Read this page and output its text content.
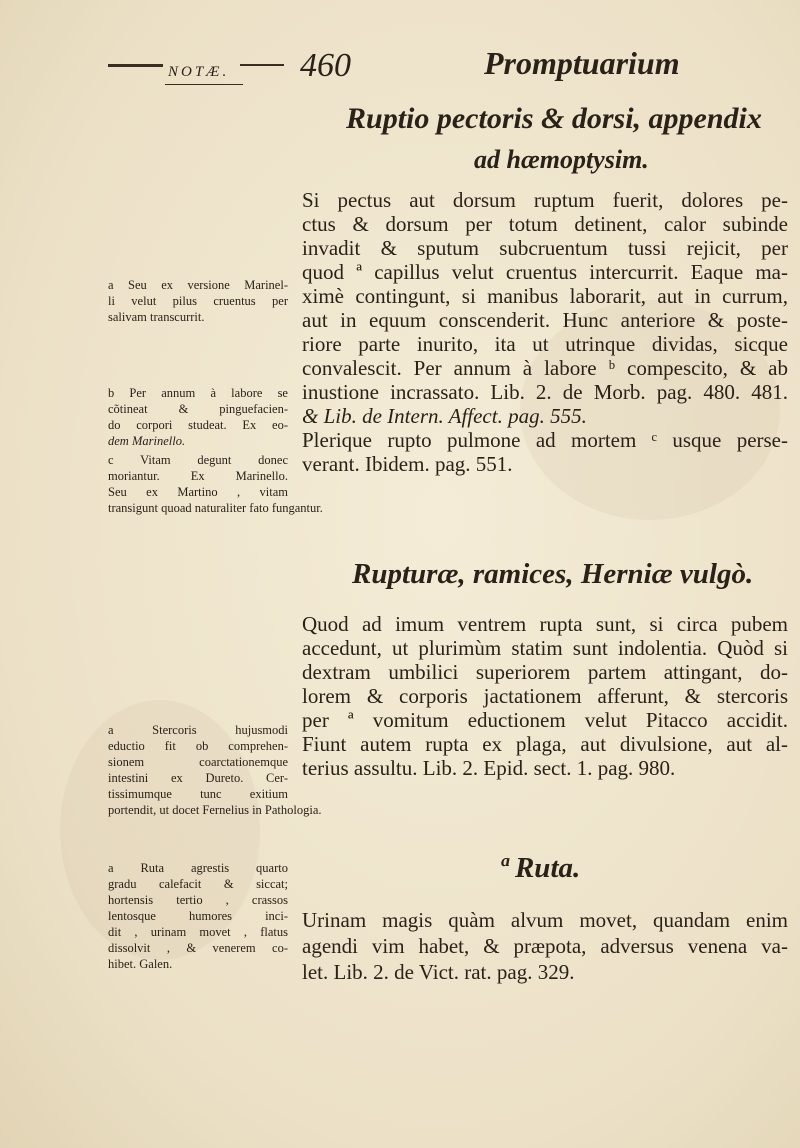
NOTÆ. 460	Promptuarium
Ruptio pectoris & dorsi, appendix
ad hæmoptysim.
Si pectus aut dorsum ruptum fuerit, dolores pe-
ctus & dorsum per totum detinent, calor subinde
invadit & sputum subcruentum tussi rejicit, per
quod ª capillus velut cruentus intercurrit. Eaque ma-
ximè contingunt, si manibus laborarit, aut in currum,
aut in equum conscenderit. Hunc anteriore & poste-
riore parte inurito, ita ut utrinque dividas, sicque
convalescit. Per annum à labore ᵇ compescito, & ab
inustione incrassato. Lib. 2. de Morb. pag. 480. 481.
& Lib. de Intern. Affect. pag. 555.
Plerique rupto pulmone ad mortem ᶜ usque perse-
verant. Ibidem. pag. 551.
a Seu ex versione Marinel-
li velut pilus cruentus per
salivam transcurrit.
b Per annum à labore se
cõtineat & pinguefacien-
do corpori studeat. Ex eo-
dem Marinello.
c Vitam degunt donec
moriantur. Ex Marinello.
Seu ex Martino , vitam
transigunt quoad naturaliter fato fungantur.
Rupturæ, ramices, Herniæ vulgò.
Quod ad imum ventrem rupta sunt, si circa pubem
accedunt, ut plurimùm statim sunt indolentia. Quòd si
dextram umbilici superiorem partem attingant, do-
lorem & corporis jactationem afferunt, & stercoris
per ª vomitum eductionem velut Pitacco accidit.
Fiunt autem rupta ex plaga, aut divulsione, aut al-
terius assultu. Lib. 2. Epid. sect. 1. pag. 980.
a Stercoris hujusmodi
eductio fit ob comprehen-
sionem coarctationemque
intestini ex Dureto. Cer-
tissimumque tunc exitium
portendit, ut docet Fernelius in Pathologia.
ª Ruta.
Urinam magis quàm alvum movet, quandam enim
agendi vim habet, & præpota, adversus venena va-
let. Lib. 2. de Vict. rat. pag. 329.
a Ruta agrestis quarto
gradu calefacit & siccat;
hortensis tertio , crassos
lentosque humores inci-
dit , urinam movet , flatus
dissolvit , & venerem co-
hibet. Galen.
